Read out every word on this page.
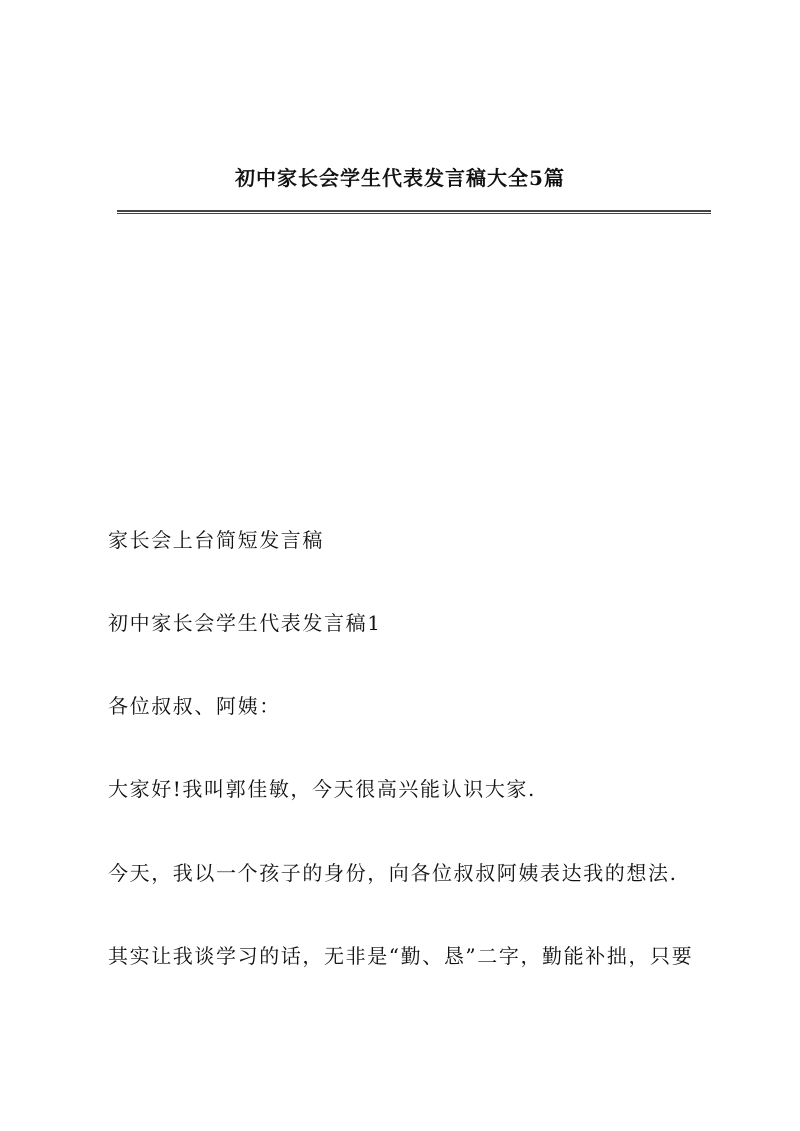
初中家长会学生代表发言稿大全5篇
家长会上台简短发言稿
初中家长会学生代表发言稿1
各位叔叔、阿姨：
大家好!我叫郭佳敏，今天很高兴能认识大家.
今天，我以一个孩子的身份，向各位叔叔阿姨表达我的想法.
其实让我谈学习的话，无非是“勤、恳”二字，勤能补拙，只要
